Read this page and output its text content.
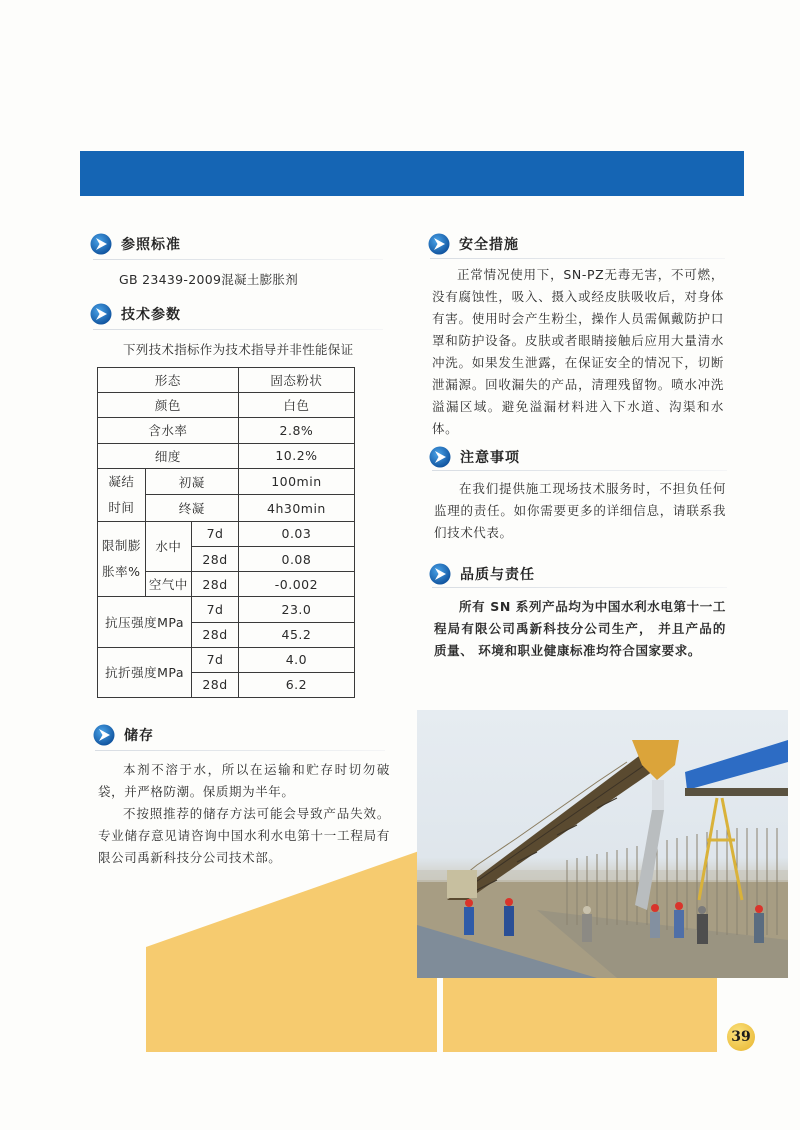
参照标准
GB 23439-2009混凝土膨胀剂
技术参数
下列技术指标作为技术指导并非性能保证
形态			固态粉状
颜色			白色
含水率			2.8%
细度			10.2%

凝结
时间	初凝		100min
	终凝		4h30min

限制膨
胀率%	水中	7d	0.03
		28d	0.08
	空气中	28d	-0.002
抗压强度MPa		7d	23.0
		28d	45.2
抗折强度MPa		7d	4.0
		28d	6.2
储存

本剂不溶于水，所以在运输和贮存时切勿破袋，并严格防潮。保质期为半年。

不按照推荐的储存方法可能会导致产品失效。 专业储存意见请咨询中国水利水电第十一工程局有限公司禹新科技分公司技术部。

安全措施

正常情况使用下，SN-PZ无毒无害，不可燃，没有腐蚀性，吸入、摄入或经皮肤吸收后，对身体有害。使用时会产生粉尘，操作人员需佩戴防护口罩和防护设备。皮肤或者眼睛接触后应用大量清水冲洗。如果发生泄露，在保证安全的情况下，切断泄漏源。回收漏失的产品，清理残留物。喷水冲洗溢漏区域。避免溢漏材料进入下水道、沟渠和水体。

注意事项

在我们提供施工现场技术服务时，不担负任何监理的责任。如你需要更多的详细信息，请联系我们技术代表。

品质与责任

所有 SN 系列产品均为中国水利水电第十一工程局有限公司禹新科技分公司生产， 并且产品的质量、 环境和职业健康标准均符合国家要求。

39
